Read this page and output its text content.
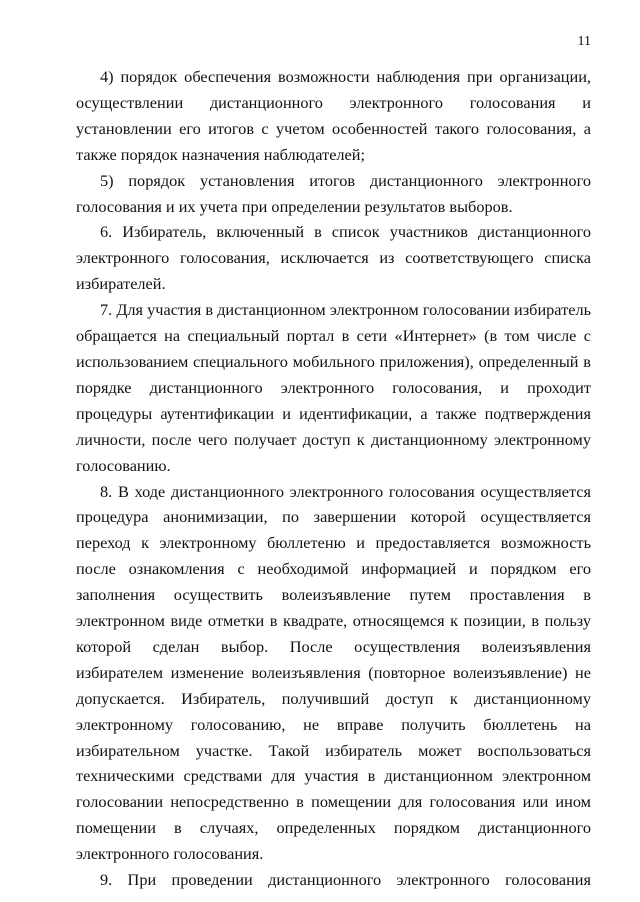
11

4) порядок обеспечения возможности наблюдения при организации, осуществлении дистанционного электронного голосования и установлении его итогов с учетом особенностей такого голосования, а также порядок назначения наблюдателей;

5) порядок установления итогов дистанционного электронного голосования и их учета при определении результатов выборов.

6. Избиратель, включенный в список участников дистанционного электронного голосования, исключается из соответствующего списка избирателей.

7. Для участия в дистанционном электронном голосовании избиратель обращается на специальный портал в сети «Интернет» (в том числе с использованием специального мобильного приложения), определенный в порядке дистанционного электронного голосования, и проходит процедуры аутентификации и идентификации, а также подтверждения личности, после чего получает доступ к дистанционному электронному голосованию.

8. В ходе дистанционного электронного голосования осуществляется процедура анонимизации, по завершении которой осуществляется переход к электронному бюллетеню и предоставляется возможность после ознакомления с необходимой информацией и порядком его заполнения осуществить волеизъявление путем проставления в электронном виде отметки в квадрате, относящемся к позиции, в пользу которой сделан выбор. После осуществления волеизъявления избирателем изменение волеизъявления (повторное волеизъявление) не допускается. Избиратель, получивший доступ к дистанционному электронному голосованию, не вправе получить бюллетень на избирательном участке. Такой избиратель может воспользоваться техническими средствами для участия в дистанционном электронном голосовании непосредственно в помещении для голосования или ином помещении в случаях, определенных порядком дистанционного электронного голосования.

9. При проведении дистанционного электронного голосования
